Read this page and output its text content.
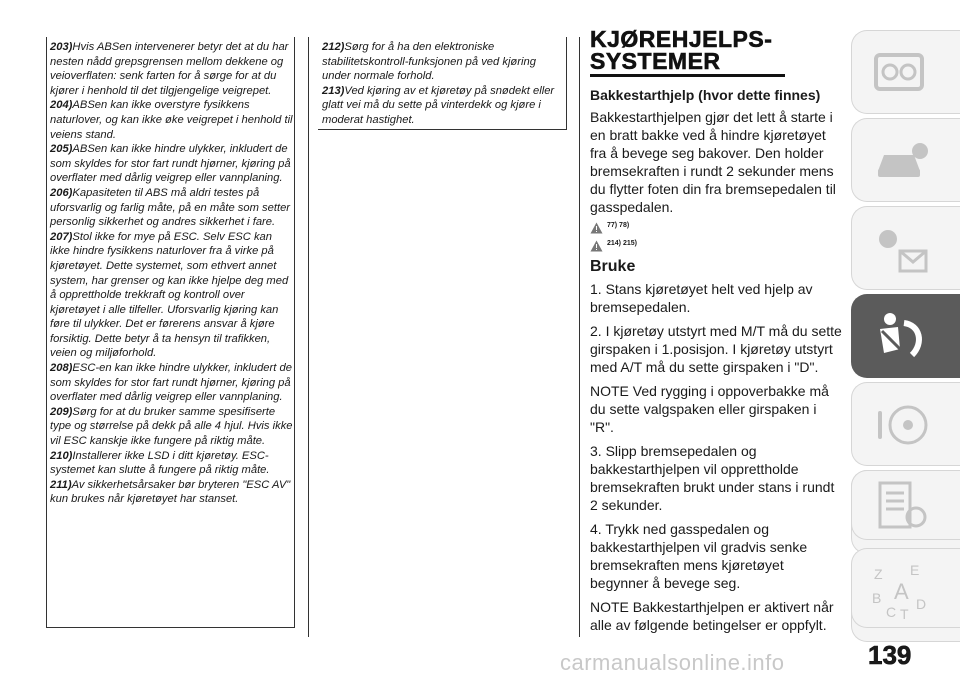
203)Hvis ABSen intervenerer betyr det at du har nesten nådd grepsgrensen mellom dekkene og veioverflaten: senk farten for å sørge for at du kjører i henhold til det tilgjengelige veigrepet.

204)ABSen kan ikke overstyre fysikkens naturlover, og kan ikke øke veigrepet i henhold til veiens stand.

205)ABSen kan ikke hindre ulykker, inkludert de som skyldes for stor fart rundt hjørner, kjøring på overflater med dårlig veigrep eller vannplaning.

206)Kapasiteten til ABS må aldri testes på uforsvarlig og farlig måte, på en måte som setter personlig sikkerhet og andres sikkerhet i fare.

207)Stol ikke for mye på ESC. Selv ESC kan ikke hindre fysikkens naturlover fra å virke på kjøretøyet. Dette systemet, som ethvert annet system, har grenser og kan ikke hjelpe deg med å opprettholde trekkraft og kontroll over kjøretøyet i alle tilfeller. Uforsvarlig kjøring kan føre til ulykker. Det er førerens ansvar å kjøre forsiktig. Dette betyr å ta hensyn til trafikken, veien og miljøforhold.

208)ESC-en kan ikke hindre ulykker, inkludert de som skyldes for stor fart rundt hjørner, kjøring på overflater med dårlig veigrep eller vannplaning.

209)Sørg for at du bruker samme spesifiserte type og størrelse på dekk på alle 4 hjul. Hvis ikke vil ESC kanskje ikke fungere på riktig måte.

210)Installerer ikke LSD i ditt kjøretøy. ESC-systemet kan slutte å fungere på riktig måte.

211)Av sikkerhetsårsaker bør bryteren "ESC AV" kun brukes når kjøretøyet har stanset.

212)Sørg for å ha den elektroniske stabilitetskontroll-funksjonen på ved kjøring under normale forhold.

213)Ved kjøring av et kjøretøy på snødekt eller glatt vei må du sette på vinterdekk og kjøre i moderat hastighet.

KJØREHJELPS-
SYSTEMER
Bakkestarthjelp (hvor dette finnes)

Bakkestarthjelpen gjør det lett å starte i en bratt bakke ved å hindre kjøretøyet fra å bevege seg bakover. Den holder bremsekraften i rundt 2 sekunder mens du flytter foten din fra bremsepedalen til gasspedalen.

77) 78)
214) 215)
Bruke

1. Stans kjøretøyet helt ved hjelp av bremsepedalen.

2. I kjøretøy utstyrt med M/T må du sette girspaken i 1.posisjon. I kjøretøy utstyrt med A/T må du sette girspaken i "D".

NOTE Ved rygging i oppoverbakke må du sette valgspaken eller girspaken i "R".

3. Slipp bremsepedalen og bakkestarthjelpen vil opprettholde bremsekraften brukt under stans i rundt 2 sekunder.

4. Trykk ned gasspedalen og bakkestarthjelpen vil gradvis senke bremsekraften mens kjøretøyet begynner å bevege seg.

NOTE Bakkestarthjelpen er aktivert når alle av følgende betingelser er oppfylt.

Z E
B A
C T
D
carmanualsonline.info	139
